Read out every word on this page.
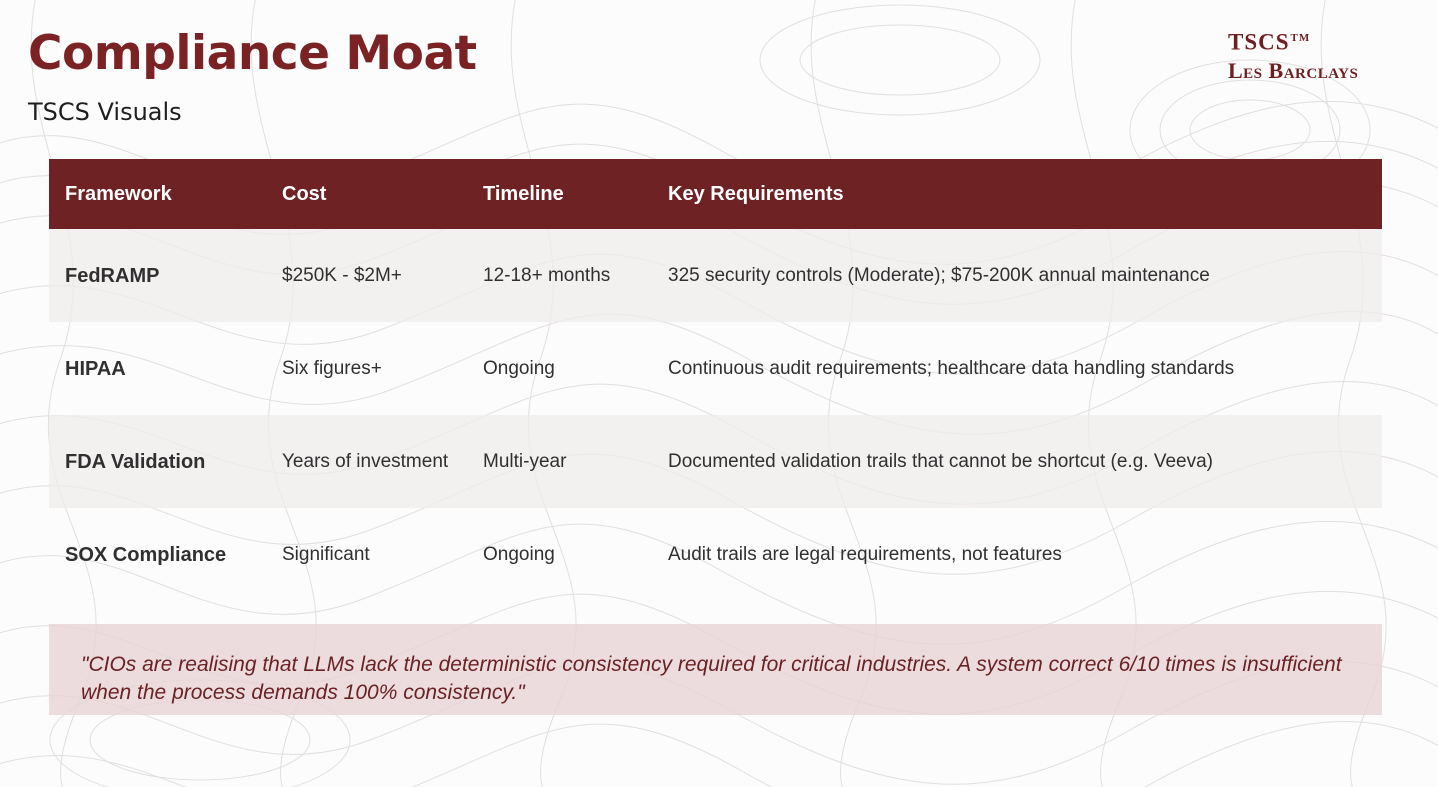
Compliance Moat
TSCS Visuals
TSCS™
Les Barclays
Framework	Cost	Timeline	Key Requirements
FedRAMP	$250K - $2M+	12-18+ months	325 security controls (Moderate); $75-200K annual maintenance
HIPAA	Six figures+	Ongoing	Continuous audit requirements; healthcare data handling standards
FDA Validation	Years of investment	Multi-year	Documented validation trails that cannot be shortcut (e.g. Veeva)
SOX Compliance	Significant	Ongoing	Audit trails are legal requirements, not features
"CIOs are realising that LLMs lack the deterministic consistency required for critical industries. A system correct 6/10 times is insufficient when the process demands 100% consistency."
